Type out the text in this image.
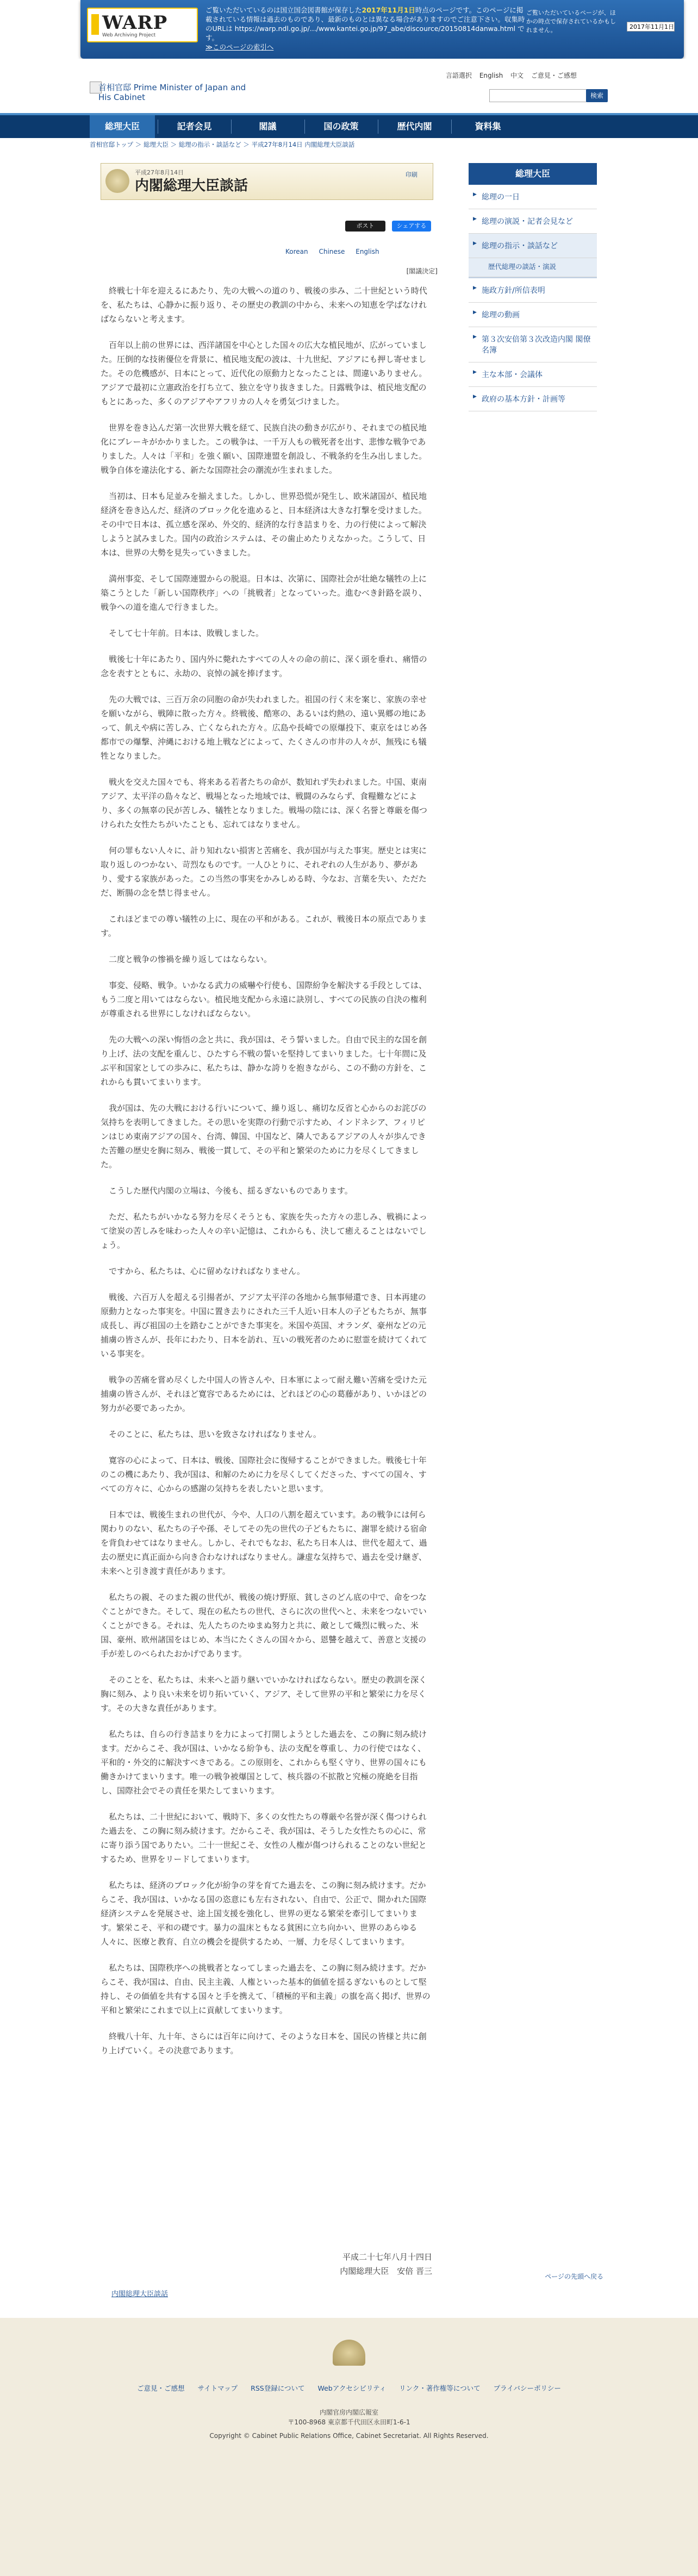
WARP
Web Archiving Project
ご覧いただいているのは国立国会図書館が保存した2017年11月1日時点のページです。このページに掲載されている情報は過去のものであり、最新のものとは異なる場合がありますのでご注意下さい。収集時のURLは https://warp.ndl.go.jp/.../www.kantei.go.jp/97_abe/discource/20150814danwa.html です。
≫このページの索引へ
ご覧いただいているページが、ほかの時点で保存されているかもしれません。	2017年11月1日
首相官邸 Prime Minister of Japan and His Cabinet
言語選択 English 中文 ご意見・ご感想
検索
総理大臣	記者会見	閣議	国の政策	歴代内閣	資料集
首相官邸トップ ＞ 総理大臣 ＞ 総理の指示・談話など ＞ 平成27年8月14日 内閣総理大臣談話
平成27年8月14日
内閣総理大臣談話
印刷
ポスト	シェアする
Korean Chinese English
[閣議決定]

終戦七十年を迎えるにあたり、先の大戦への道のり、戦後の歩み、二十世紀という時代を、私たちは、心静かに振り返り、その歴史の教訓の中から、未来への知恵を学ばなければならないと考えます。

百年以上前の世界には、西洋諸国を中心とした国々の広大な植民地が、広がっていました。圧倒的な技術優位を背景に、植民地支配の波は、十九世紀、アジアにも押し寄せました。その危機感が、日本にとって、近代化の原動力となったことは、間違いありません。アジアで最初に立憲政治を打ち立て、独立を守り抜きました。日露戦争は、植民地支配のもとにあった、多くのアジアやアフリカの人々を勇気づけました。

世界を巻き込んだ第一次世界大戦を経て、民族自決の動きが広がり、それまでの植民地化にブレーキがかかりました。この戦争は、一千万人もの戦死者を出す、悲惨な戦争でありました。人々は「平和」を強く願い、国際連盟を創設し、不戦条約を生み出しました。戦争自体を違法化する、新たな国際社会の潮流が生まれました。

当初は、日本も足並みを揃えました。しかし、世界恐慌が発生し、欧米諸国が、植民地経済を巻き込んだ、経済のブロック化を進めると、日本経済は大きな打撃を受けました。その中で日本は、孤立感を深め、外交的、経済的な行き詰まりを、力の行使によって解決しようと試みました。国内の政治システムは、その歯止めたりえなかった。こうして、日本は、世界の大勢を見失っていきました。

満州事変、そして国際連盟からの脱退。日本は、次第に、国際社会が壮絶な犠牲の上に築こうとした「新しい国際秩序」への「挑戦者」となっていった。進むべき針路を誤り、戦争への道を進んで行きました。

そして七十年前。日本は、敗戦しました。

戦後七十年にあたり、国内外に斃れたすべての人々の命の前に、深く頭を垂れ、痛惜の念を表すとともに、永劫の、哀悼の誠を捧げます。

先の大戦では、三百万余の同胞の命が失われました。祖国の行く末を案じ、家族の幸せを願いながら、戦陣に散った方々。終戦後、酷寒の、あるいは灼熱の、遠い異郷の地にあって、飢えや病に苦しみ、亡くなられた方々。広島や長崎での原爆投下、東京をはじめ各都市での爆撃、沖縄における地上戦などによって、たくさんの市井の人々が、無残にも犠牲となりました。

戦火を交えた国々でも、将来ある若者たちの命が、数知れず失われました。中国、東南アジア、太平洋の島々など、戦場となった地域では、戦闘のみならず、食糧難などにより、多くの無辜の民が苦しみ、犠牲となりました。戦場の陰には、深く名誉と尊厳を傷つけられた女性たちがいたことも、忘れてはなりません。

何の罪もない人々に、計り知れない損害と苦痛を、我が国が与えた事実。歴史とは実に取り返しのつかない、苛烈なものです。一人ひとりに、それぞれの人生があり、夢があり、愛する家族があった。この当然の事実をかみしめる時、今なお、言葉を失い、ただただ、断腸の念を禁じ得ません。

これほどまでの尊い犠牲の上に、現在の平和がある。これが、戦後日本の原点であります。

二度と戦争の惨禍を繰り返してはならない。

事変、侵略、戦争。いかなる武力の威嚇や行使も、国際紛争を解決する手段としては、もう二度と用いてはならない。植民地支配から永遠に訣別し、すべての民族の自決の権利が尊重される世界にしなければならない。

先の大戦への深い悔悟の念と共に、我が国は、そう誓いました。自由で民主的な国を創り上げ、法の支配を重んじ、ひたすら不戦の誓いを堅持してまいりました。七十年間に及ぶ平和国家としての歩みに、私たちは、静かな誇りを抱きながら、この不動の方針を、これからも貫いてまいります。

我が国は、先の大戦における行いについて、繰り返し、痛切な反省と心からのお詫びの気持ちを表明してきました。その思いを実際の行動で示すため、インドネシア、フィリピンはじめ東南アジアの国々、台湾、韓国、中国など、隣人であるアジアの人々が歩んできた苦難の歴史を胸に刻み、戦後一貫して、その平和と繁栄のために力を尽くしてきました。

こうした歴代内閣の立場は、今後も、揺るぎないものであります。

ただ、私たちがいかなる努力を尽くそうとも、家族を失った方々の悲しみ、戦禍によって塗炭の苦しみを味わった人々の辛い記憶は、これからも、決して癒えることはないでしょう。

ですから、私たちは、心に留めなければなりません。

戦後、六百万人を超える引揚者が、アジア太平洋の各地から無事帰還でき、日本再建の原動力となった事実を。中国に置き去りにされた三千人近い日本人の子どもたちが、無事成長し、再び祖国の土を踏むことができた事実を。米国や英国、オランダ、豪州などの元捕虜の皆さんが、長年にわたり、日本を訪れ、互いの戦死者のために慰霊を続けてくれている事実を。

戦争の苦痛を嘗め尽くした中国人の皆さんや、日本軍によって耐え難い苦痛を受けた元捕虜の皆さんが、それほど寛容であるためには、どれほどの心の葛藤があり、いかほどの努力が必要であったか。

そのことに、私たちは、思いを致さなければなりません。

寛容の心によって、日本は、戦後、国際社会に復帰することができました。戦後七十年のこの機にあたり、我が国は、和解のために力を尽くしてくださった、すべての国々、すべての方々に、心からの感謝の気持ちを表したいと思います。

日本では、戦後生まれの世代が、今や、人口の八割を超えています。あの戦争には何ら関わりのない、私たちの子や孫、そしてその先の世代の子どもたちに、謝罪を続ける宿命を背負わせてはなりません。しかし、それでもなお、私たち日本人は、世代を超えて、過去の歴史に真正面から向き合わなければなりません。謙虚な気持ちで、過去を受け継ぎ、未来へと引き渡す責任があります。

私たちの親、そのまた親の世代が、戦後の焼け野原、貧しさのどん底の中で、命をつなぐことができた。そして、現在の私たちの世代、さらに次の世代へと、未来をつないでいくことができる。それは、先人たちのたゆまぬ努力と共に、敵として熾烈に戦った、米国、豪州、欧州諸国をはじめ、本当にたくさんの国々から、恩讐を越えて、善意と支援の手が差しのべられたおかげであります。

そのことを、私たちは、未来へと語り継いでいかなければならない。歴史の教訓を深く胸に刻み、より良い未来を切り拓いていく、アジア、そして世界の平和と繁栄に力を尽くす。その大きな責任があります。

私たちは、自らの行き詰まりを力によって打開しようとした過去を、この胸に刻み続けます。だからこそ、我が国は、いかなる紛争も、法の支配を尊重し、力の行使ではなく、平和的・外交的に解決すべきである。この原則を、これからも堅く守り、世界の国々にも働きかけてまいります。唯一の戦争被爆国として、核兵器の不拡散と究極の廃絶を目指し、国際社会でその責任を果たしてまいります。

私たちは、二十世紀において、戦時下、多くの女性たちの尊厳や名誉が深く傷つけられた過去を、この胸に刻み続けます。だからこそ、我が国は、そうした女性たちの心に、常に寄り添う国でありたい。二十一世紀こそ、女性の人権が傷つけられることのない世紀とするため、世界をリードしてまいります。

私たちは、経済のブロック化が紛争の芽を育てた過去を、この胸に刻み続けます。だからこそ、我が国は、いかなる国の恣意にも左右されない、自由で、公正で、開かれた国際経済システムを発展させ、途上国支援を強化し、世界の更なる繁栄を牽引してまいります。繁栄こそ、平和の礎です。暴力の温床ともなる貧困に立ち向かい、世界のあらゆる人々に、医療と教育、自立の機会を提供するため、一層、力を尽くしてまいります。

私たちは、国際秩序への挑戦者となってしまった過去を、この胸に刻み続けます。だからこそ、我が国は、自由、民主主義、人権といった基本的価値を揺るぎないものとして堅持し、その価値を共有する国々と手を携えて、「積極的平和主義」の旗を高く掲げ、世界の平和と繁栄にこれまで以上に貢献してまいります。

終戦八十年、九十年、さらには百年に向けて、そのような日本を、国民の皆様と共に創り上げていく。その決意であります。

平成二十七年八月十四日
内閣総理大臣　安倍 晋三
内閣総理大臣談話
ページの先頭へ戻る
総理大臣
▶ 総理の一日
▶ 総理の演説・記者会見など
▶ 総理の指示・談話など
歴代総理の談話・演説
▶ 施政方針/所信表明
▶ 総理の動画
▶ 第３次安倍第３次改造内閣 閣僚名簿
▶ 主な本部・会議体
▶ 政府の基本方針・計画等
ご意見・ご感想 サイトマップ RSS登録について Webアクセシビリティ リンク・著作権等について プライバシーポリシー
内閣官房内閣広報室
〒100-8968 東京都千代田区永田町1-6-1
Copyright © Cabinet Public Relations Office, Cabinet Secretariat. All Rights Reserved.
